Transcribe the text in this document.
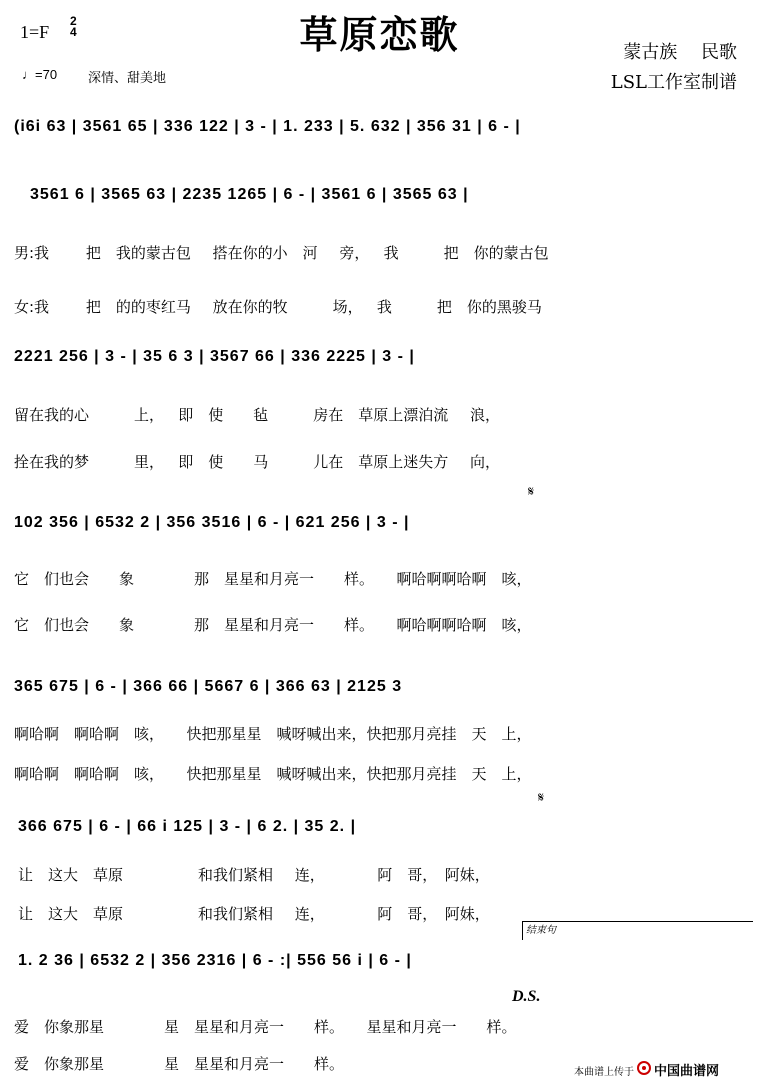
草原恋歌
1=F
2
4
♩=70 深情、甜美地
蒙古族　 民歌
LSL工作室制谱
(i6i 63 | 3561 65 | 336 122 | 3 - | 1. 233 | 5. 632 | 356 31 | 6 - |
3561 6 | 3565 63 | 2235 1265 | 6 - | 3561 6 | 3565 63 |
男:我　　 把　我的蒙古包　 搭在你的小　河　 旁，　 我　　　把　你的蒙古包
女:我　　 把　的的枣红马　 放在你的牧　　　场，　 我　　　把　你的黑骏马
2221 256 | 3 - | 35 6 3 | 3567 66 | 336 2225 | 3 - |
留在我的心　　　上，　 即　使　　毡　　　房在　草原上漂泊流　 浪，
拴在我的梦　　　里，　 即　使　　马　　　儿在　草原上迷失方　 向，
𝄋
102 356 | 6532 2 | 356 3516 | 6 - | 621 256 | 3 - |
它　们也会　　象　　　　那　星星和月亮一　　样。　　啊哈啊啊哈啊　咳，
它　们也会　　象　　　　那　星星和月亮一　　样。　　啊哈啊啊哈啊　咳，
365 675 | 6 - | 366 66 | 5667 6 | 366 63 | 2125 3
啊哈啊　啊哈啊　咳，　　快把那星星　喊呀喊出来，快把那月亮挂　天　上，
啊哈啊　啊哈啊　咳，　　快把那星星　喊呀喊出来，快把那月亮挂　天　上，
𝄋
366 675 | 6 - | 66 i 125 | 3 - | 6 2. | 35 2. |
让　这大　草原　　　　　和我们紧相　 连，　　　　阿　哥，　阿妹，
让　这大　草原　　　　　和我们紧相　 连，　　　　阿　哥，　阿妹，
结束句
1. 2 36 | 6532 2 | 356 2316 | 6 - :| 556 56 i | 6 - |
D.S.
爱　你象那星　　　　星　星星和月亮一　　样。　　星星和月亮一　　样。
爱　你象那星　　　　星　星星和月亮一　　样。	本曲谱上传于 中国曲谱网
